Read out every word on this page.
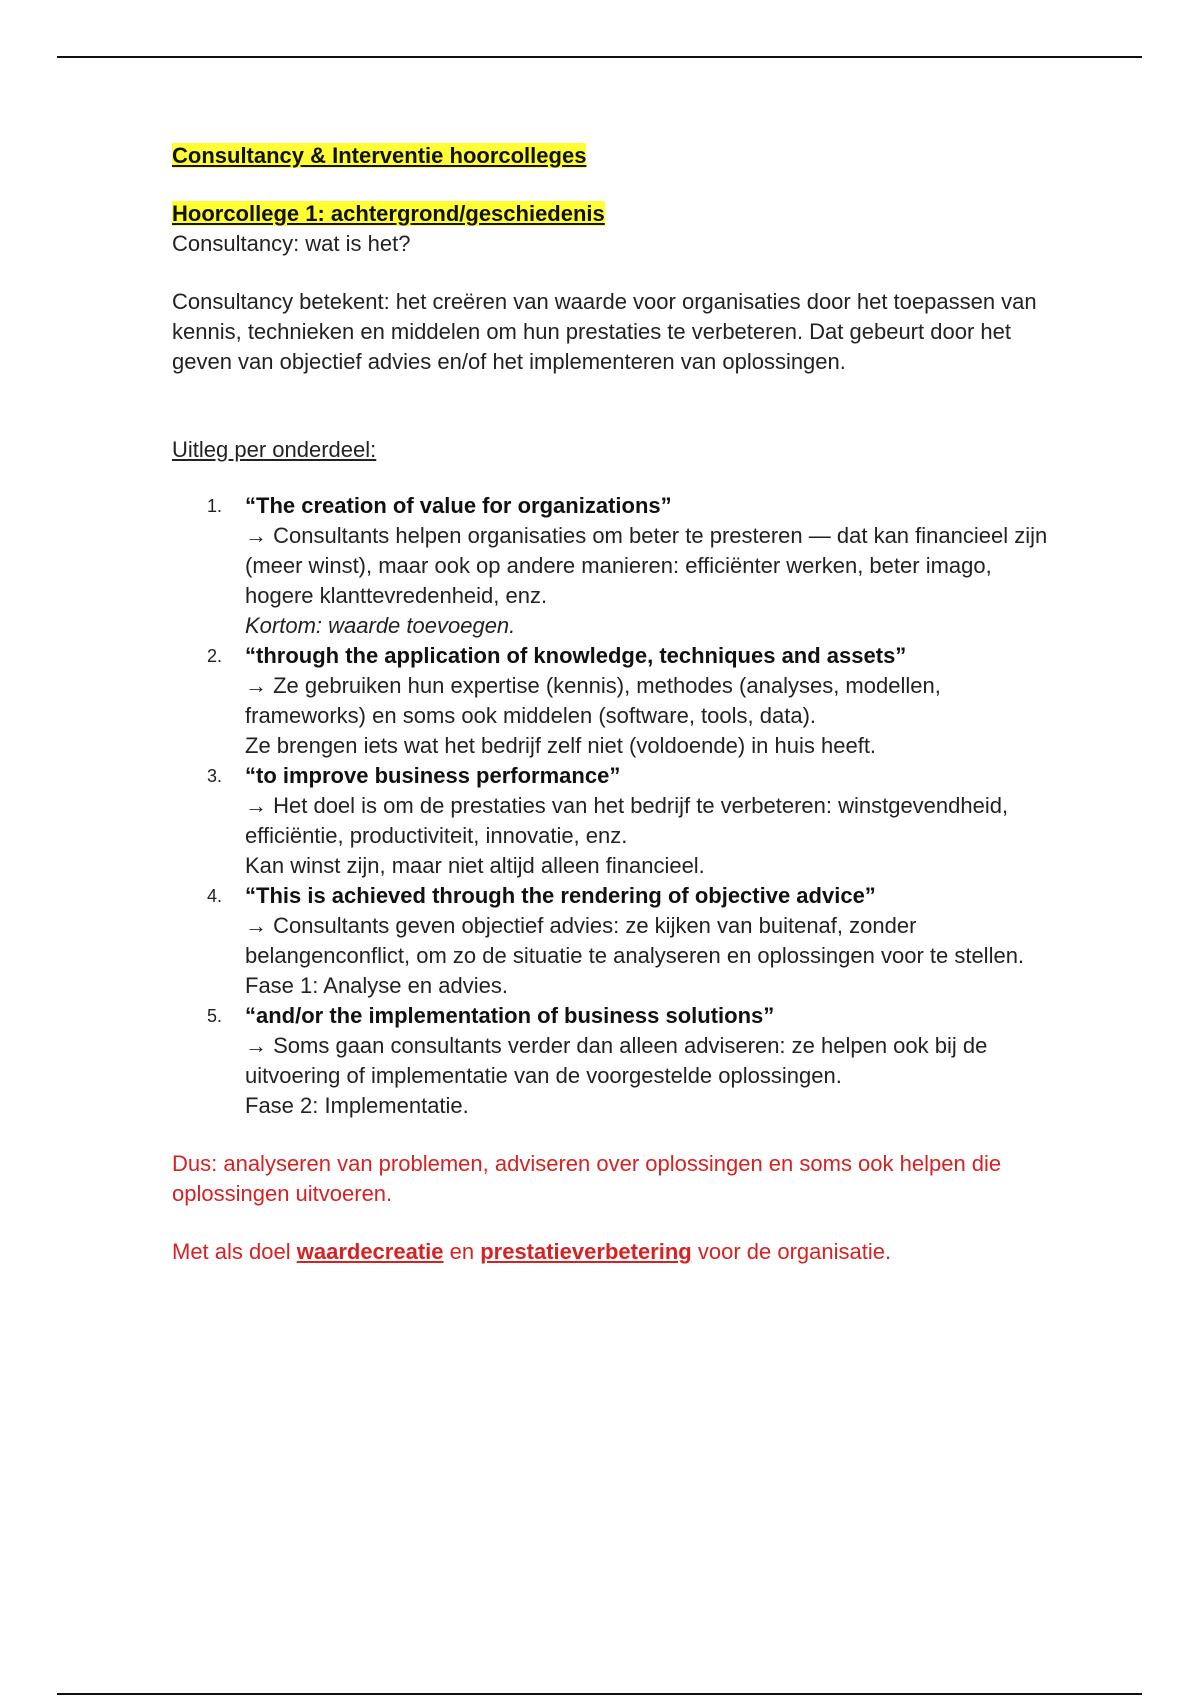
Consultancy & Interventie hoorcolleges

Hoorcollege 1: achtergrond/geschiedenis

Consultancy: wat is het?

Consultancy betekent: het creëren van waarde voor organisaties door het toepassen van kennis, technieken en middelen om hun prestaties te verbeteren. Dat gebeurt door het geven van objectief advies en/of het implementeren van oplossingen.

Uitleg per onderdeel:

1. “The creation of value for organizations”
→ Consultants helpen organisaties om beter te presteren — dat kan financieel zijn (meer winst), maar ook op andere manieren: efficiënter werken, beter imago, hogere klanttevredenheid, enz.
Kortom: waarde toevoegen.
2. “through the application of knowledge, techniques and assets”
→ Ze gebruiken hun expertise (kennis), methodes (analyses, modellen, frameworks) en soms ook middelen (software, tools, data).
Ze brengen iets wat het bedrijf zelf niet (voldoende) in huis heeft.
3. “to improve business performance”
→ Het doel is om de prestaties van het bedrijf te verbeteren: winstgevendheid, efficiëntie, productiviteit, innovatie, enz.
Kan winst zijn, maar niet altijd alleen financieel.
4. “This is achieved through the rendering of objective advice”
→ Consultants geven objectief advies: ze kijken van buitenaf, zonder belangenconflict, om zo de situatie te analyseren en oplossingen voor te stellen.
Fase 1: Analyse en advies.
5. “and/or the implementation of business solutions”
→ Soms gaan consultants verder dan alleen adviseren: ze helpen ook bij de uitvoering of implementatie van de voorgestelde oplossingen.
Fase 2: Implementatie.

Dus: analyseren van problemen, adviseren over oplossingen en soms ook helpen die oplossingen uitvoeren.

Met als doel waardecreatie en prestatieverbetering voor de organisatie.
